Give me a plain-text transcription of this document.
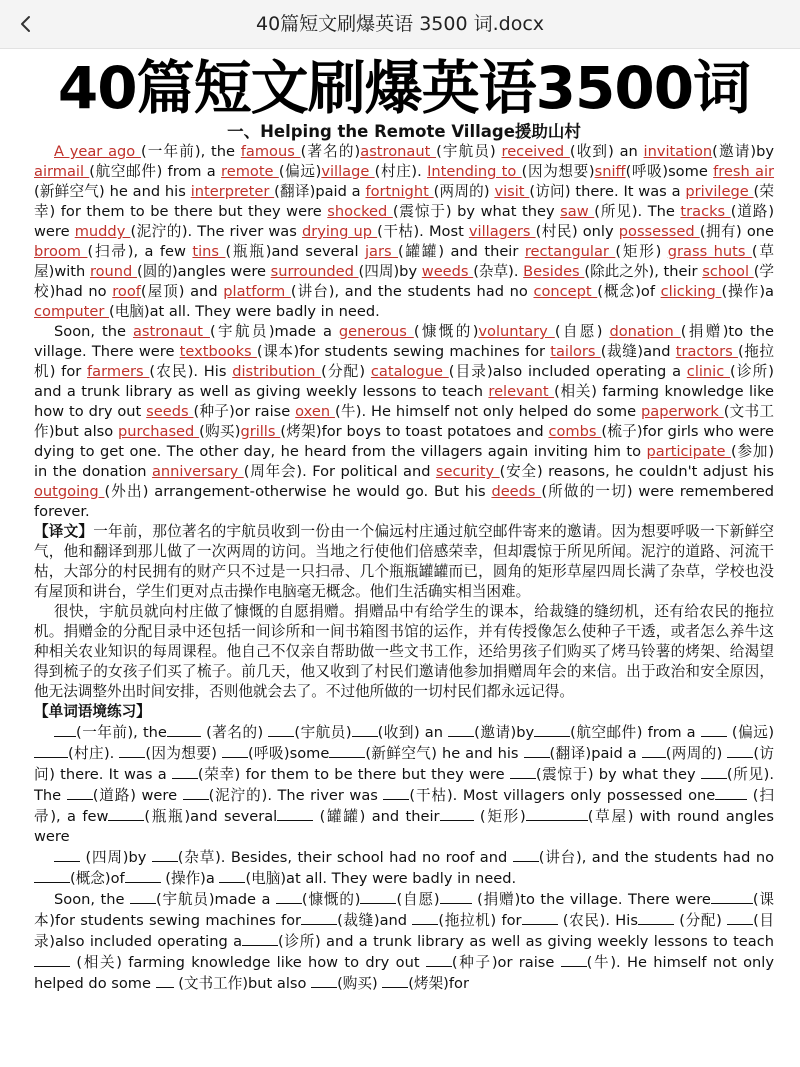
40篇短文刷爆英语 3500 词.docx
40篇短文刷爆英语3500词
一、Helping the Remote Village援助山村

A year ago (一年前), the famous (著名的)astronaut (宇航员) received (收到) an invitation(邀请)by airmail (航空邮件) from a remote (偏远)village (村庄). Intending to (因为想要)sniff(呼吸)some fresh air (新鲜空气) he and his interpreter (翻译)paid a fortnight (两周的) visit (访问) there. It was a privilege (荣幸) for them to be there but they were shocked (震惊于) by what they saw (所见). The tracks (道路) were muddy (泥泞的). The river was drying up (干枯). Most villagers (村民) only possessed (拥有) one broom (扫帚), a few tins (瓶瓶)and several jars (罐罐) and their rectangular (矩形) grass huts (草屋)with round (圆的)angles were surrounded (四周)by weeds (杂草). Besides (除此之外), their school (学校)had no roof(屋顶) and platform (讲台), and the students had no concept (概念)of clicking (操作)a computer (电脑)at all. They were badly in need.

Soon, the astronaut (宇航员)made a generous (慷慨的)voluntary (自愿) donation (捐赠)to the village. There were textbooks (课本)for students sewing machines for tailors (裁缝)and tractors (拖拉机) for farmers (农民). His distribution (分配) catalogue (目录)also included operating a clinic (诊所) and a trunk library as well as giving weekly lessons to teach relevant (相关) farming knowledge like how to dry out seeds (种子)or raise oxen (牛). He himself not only helped do some paperwork (文书工作)but also purchased (购买)grills (烤架)for boys to toast potatoes and combs (梳子)for girls who were dying to get one. The other day, he heard from the villagers again inviting him to participate (参加) in the donation anniversary (周年会). For political and security (安全) reasons, he couldn't adjust his outgoing (外出) arrangement-otherwise he would go. But his deeds (所做的一切) were remembered forever.

【译文】一年前，那位著名的宇航员收到一份由一个偏远村庄通过航空邮件寄来的邀请。因为想要呼吸一下新鲜空气，他和翻译到那儿做了一次两周的访问。当地之行使他们倍感荣幸，但却震惊于所见所闻。泥泞的道路、河流干枯，大部分的村民拥有的财产只不过是一只扫帚、几个瓶瓶罐罐而已，圆角的矩形草屋四周长满了杂草，学校也没有屋顶和讲台，学生们更对点击操作电脑毫无概念。他们生活确实相当困难。

很快，宇航员就向村庄做了慷慨的自愿捐赠。捐赠品中有给学生的课本，给裁缝的缝纫机，还有给农民的拖拉机。捐赠金的分配目录中还包括一间诊所和一间书箱图书馆的运作，并有传授像怎么使种子干透，或者怎么养牛这种相关农业知识的每周课程。他自己不仅亲自帮助做一些文书工作，还给男孩子们购买了烤马铃薯的烤架、给渴望得到梳子的女孩子们买了梳子。前几天，他又收到了村民们邀请他参加捐赠周年会的来信。出于政治和安全原因，他无法调整外出时间安排，否则他就会去了。不过他所做的一切村民们都永远记得。

【单词语境练习】

(一年前), the (著名的) (宇航员) (收到) an (邀请)by (航空邮件) from a  (偏远)(村庄). (因为想要) (呼吸)some (新鲜空气) he and his (翻译)paid a (两周的) (访问) there. It was a (荣幸) for them to be there but they were (震惊于) by what they (所见). The (道路) were (泥泞的). The river was (干枯). Most villagers only possessed one (扫帚), a few (瓶瓶)and several (罐罐) and their (矩形)	(草屋) with round angles were

(四周)by (杂草). Besides, their school had no roof and (讲台), and the students had no(概念)of (操作)a (电脑)at all. They were badly in need.

Soon, the (宇航员)made a (慷慨的) (自愿) (捐赠)to the village. There were	(课本)for students sewing machines for (裁缝)and (拖拉机) for (农民). His (分配) (目录)also included operating a (诊所) and a trunk library as well as giving weekly lessons to teach (相关) farming knowledge like how to dry out (种子)or raise (牛). He himself not only helped do some  (文书工作)but also (购买) (烤架)for
